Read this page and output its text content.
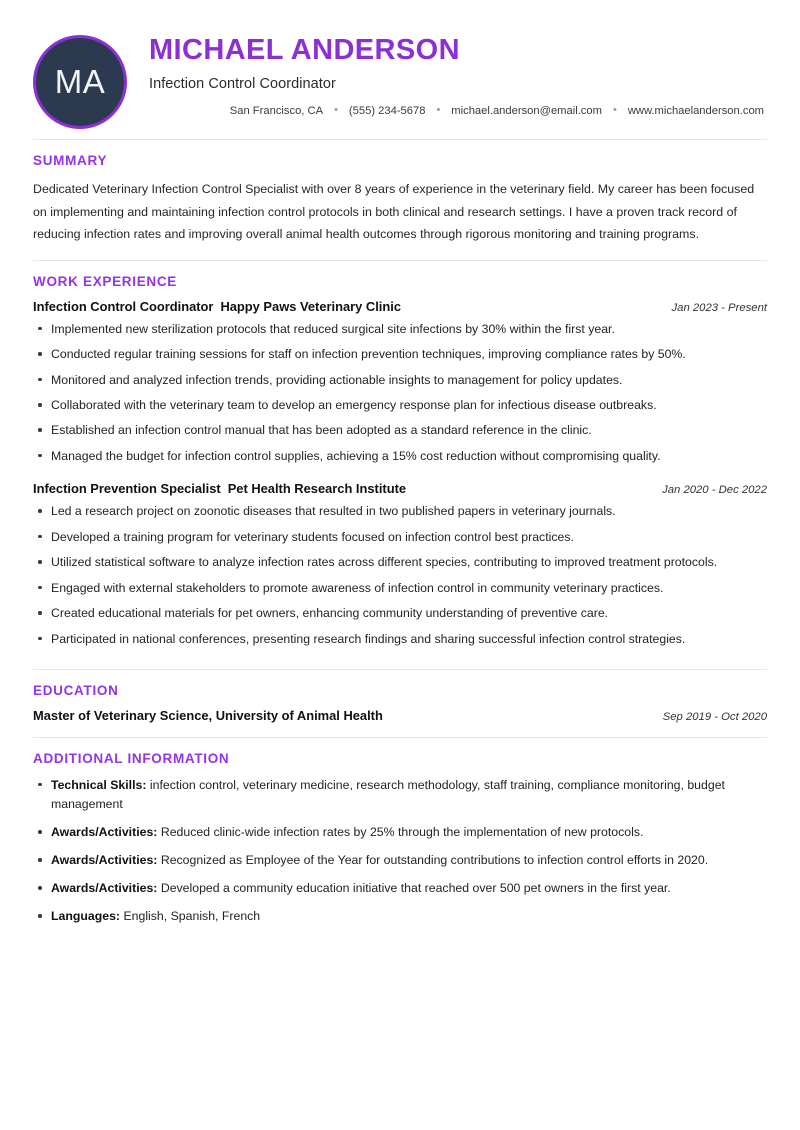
MA
MICHAEL ANDERSON
Infection Control Coordinator
San Francisco, CA	• (555) 234-5678	• michael.anderson@email.com	• www.michaelanderson.com
SUMMARY
Dedicated Veterinary Infection Control Specialist with over 8 years of experience in the veterinary field. My career has been focused on implementing and maintaining infection control protocols in both clinical and research settings. I have a proven track record of reducing infection rates and improving overall animal health outcomes through rigorous monitoring and training programs.
WORK EXPERIENCE
Infection Control Coordinator Happy Paws Veterinary Clinic	Jan 2023 - Present
Implemented new sterilization protocols that reduced surgical site infections by 30% within the first year.
Conducted regular training sessions for staff on infection prevention techniques, improving compliance rates by 50%.
Monitored and analyzed infection trends, providing actionable insights to management for policy updates.
Collaborated with the veterinary team to develop an emergency response plan for infectious disease outbreaks.
Established an infection control manual that has been adopted as a standard reference in the clinic.
Managed the budget for infection control supplies, achieving a 15% cost reduction without compromising quality.
Infection Prevention Specialist Pet Health Research Institute	Jan 2020 - Dec 2022
Led a research project on zoonotic diseases that resulted in two published papers in veterinary journals.
Developed a training program for veterinary students focused on infection control best practices.
Utilized statistical software to analyze infection rates across different species, contributing to improved treatment protocols.
Engaged with external stakeholders to promote awareness of infection control in community veterinary practices.
Created educational materials for pet owners, enhancing community understanding of preventive care.
Participated in national conferences, presenting research findings and sharing successful infection control strategies.
EDUCATION
Master of Veterinary Science, University of Animal Health	Sep 2019 - Oct 2020
ADDITIONAL INFORMATION
Technical Skills: infection control, veterinary medicine, research methodology, staff training, compliance monitoring, budget management
Awards/Activities: Reduced clinic-wide infection rates by 25% through the implementation of new protocols.
Awards/Activities: Recognized as Employee of the Year for outstanding contributions to infection control efforts in 2020.
Awards/Activities: Developed a community education initiative that reached over 500 pet owners in the first year.
Languages: English, Spanish, French
